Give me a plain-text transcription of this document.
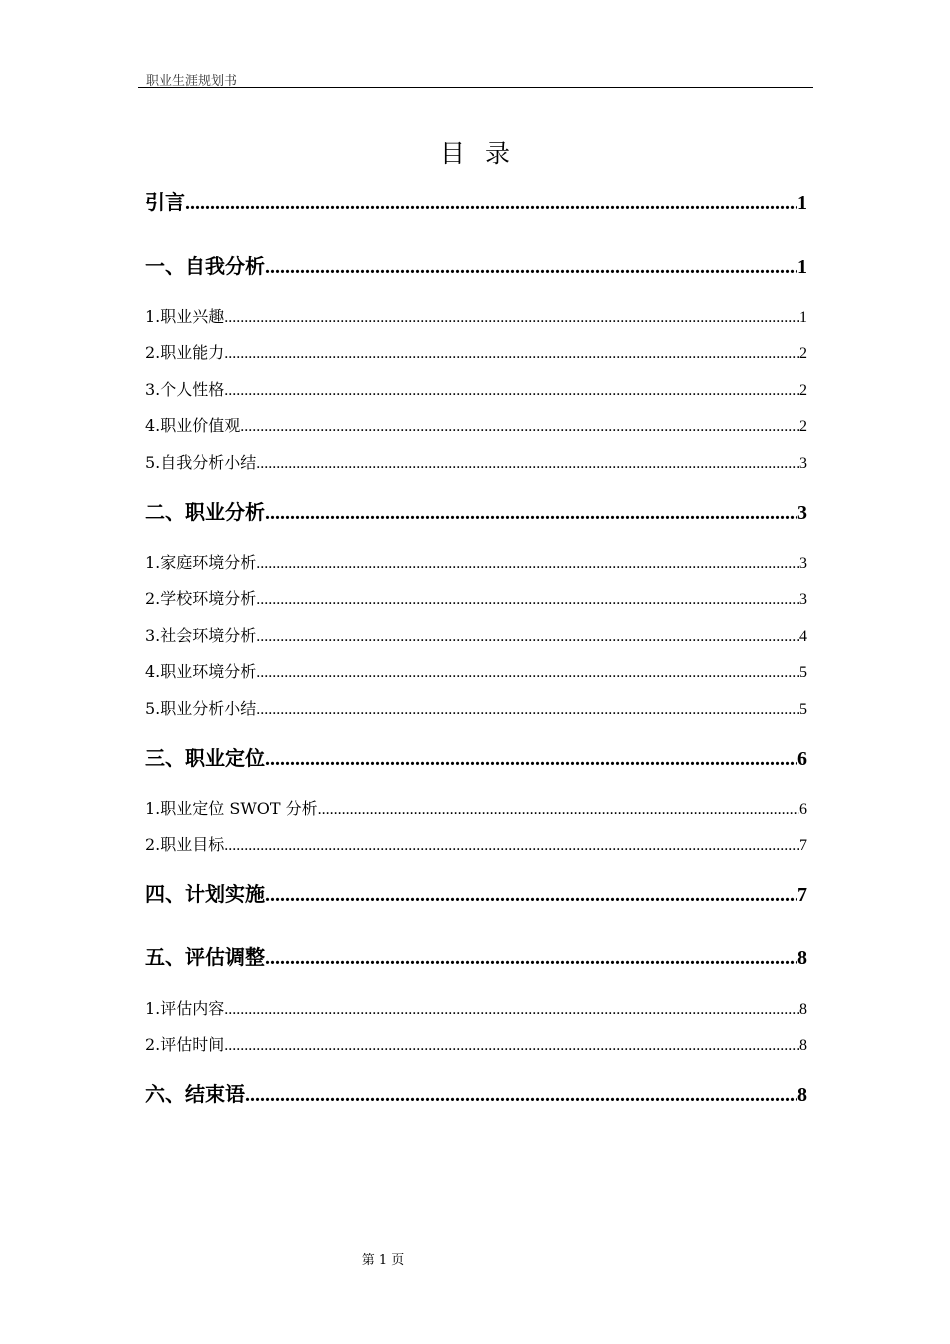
职业生涯规划书
目录
引言 .....	1
一、自我分析 .....	1
1.职业兴趣 .....	1
2.职业能力 .....	2
3.个人性格 .....	2
4.职业价值观 .....	2
5.自我分析小结 .....	3
二、职业分析 .....	3
1.家庭环境分析 .....	3
2.学校环境分析 .....	3
3.社会环境分析 .....	4
4.职业环境分析 .....	5
5.职业分析小结 .....	5
三、职业定位 .....	6
1.职业定位 SWOT 分析 .....	6
2.职业目标 .....	7
四、计划实施 .....	7
五、评估调整 .....	8
1.评估内容 .....	8
2.评估时间 .....	8
六、结束语 .....	8
第 1 页
